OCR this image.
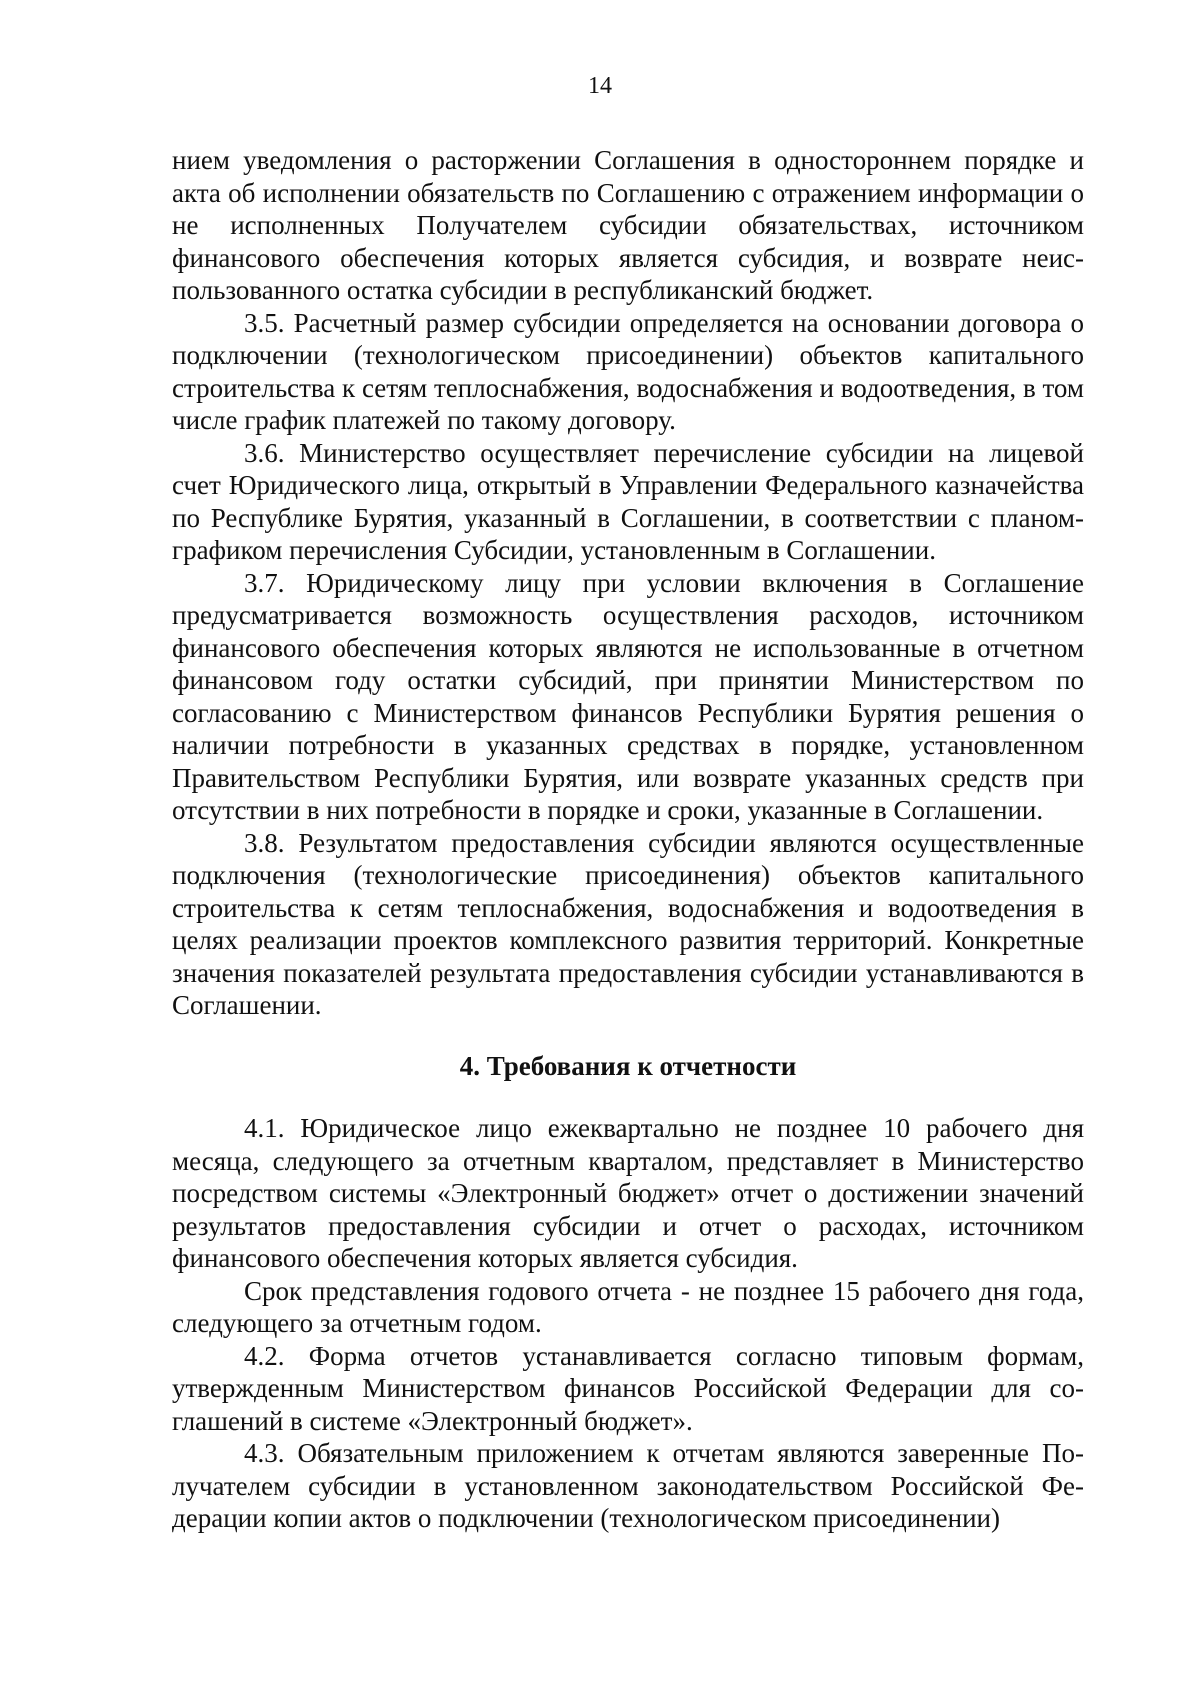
14

нием уведомления о расторжении Соглашения в одностороннем порядке и акта об исполнении обязательств по Соглашению с отражением информации о не исполненных Получателем субсидии обязательствах, источником финансового обеспечения которых является субсидия, и возврате неиспользованного остатка субсидии в республиканский бюджет.

3.5. Расчетный размер субсидии определяется на основании договора о подключении (технологическом присоединении) объектов капитального строительства к сетям теплоснабжения, водоснабжения и водоотведения, в том числе график платежей по такому договору.

3.6. Министерство осуществляет перечисление субсидии на лицевой счет Юридического лица, открытый в Управлении Федерального казначейства по Республике Бурятия, указанный в Соглашении, в соответствии с планом-графиком перечисления Субсидии, установленным в Соглашении.

3.7. Юридическому лицу при условии включения в Соглашение предусматривается возможность осуществления расходов, источником финансового обеспечения которых являются не использованные в отчетном финансовом году остатки субсидий, при принятии Министерством по согласованию с Министерством финансов Республики Бурятия решения о наличии потребности в указанных средствах в порядке, установленном Правительством Республики Бурятия, или возврате указанных средств при отсутствии в них потребности в порядке и сроки, указанные в Соглашении.

3.8. Результатом предоставления субсидии являются осуществленные подключения (технологические присоединения) объектов капитального строительства к сетям теплоснабжения, водоснабжения и водоотведения в целях реализации проектов комплексного развития территорий. Конкретные значения показателей результата предоставления субсидии устанавливаются в Соглашении.

4. Требования к отчетности

4.1. Юридическое лицо ежеквартально не позднее 10 рабочего дня месяца, следующего за отчетным кварталом, представляет в Министерство посредством системы «Электронный бюджет» отчет о достижении значений результатов предоставления субсидии и отчет о расходах, источником финансового обеспечения которых является субсидия.

Срок представления годового отчета - не позднее 15 рабочего дня года, следующего за отчетным годом.

4.2. Форма отчетов устанавливается согласно типовым формам, утвержденным Министерством финансов Российской Федерации для соглашений в системе «Электронный бюджет».

4.3. Обязательным приложением к отчетам являются заверенные Получателем субсидии в установленном законодательством Российской Федерации копии актов о подключении (технологическом присоединении)
